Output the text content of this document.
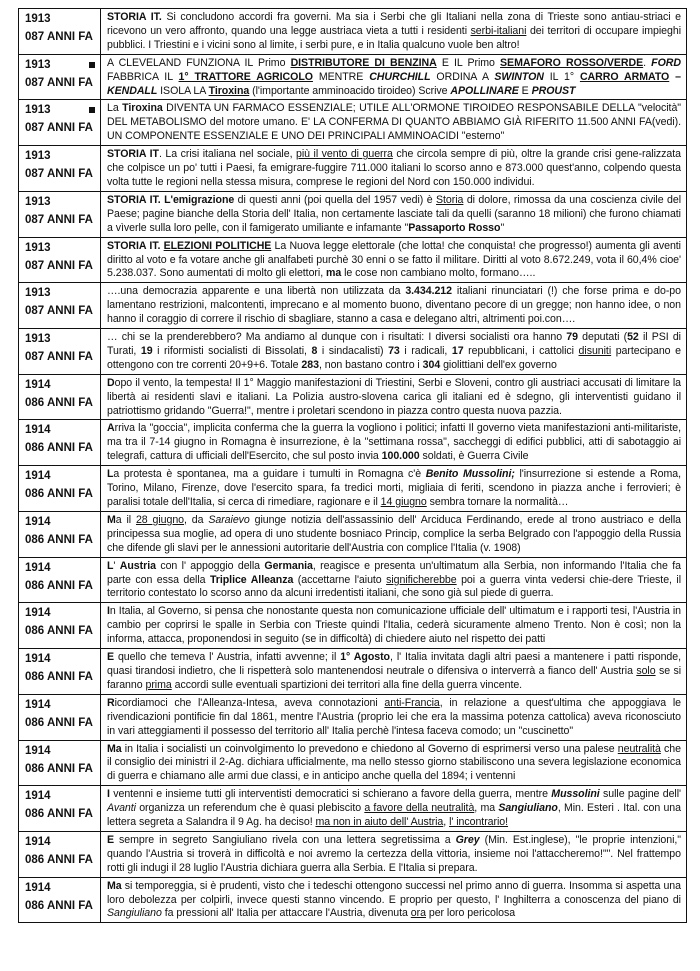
1913
087 ANNI FA
STORIA IT. Si concludono accordi fra governi. Ma sia i Serbi che gli Italiani nella zona di Trieste sono antiau-striaci e ricevono un vero affronto, quando una legge austriaca vieta a tutti i residenti serbi-italiani dei territori di occupare impieghi pubblici. I Triestini e i vicini sono al limite, i serbi pure, e in Italia qualcuno vuole ben altro!
1913
087 ANNI FA
A CLEVELAND FUNZIONA IL Primo DISTRIBUTORE DI BENZINA E IL Primo SEMAFORO ROSSO/VERDE. FORD FABBRICA IL 1° TRATTORE AGRICOLO MENTRE CHURCHILL ORDINA A SWINTON IL 1° CARRO ARMATO –KENDALL ISOLA LA Tiroxina (l'importante amminoacido tiroideo) Scrive APOLLINARE E PROUST
1913
087 ANNI FA
La Tiroxina DIVENTA UN FARMACO ESSENZIALE; UTILE ALL'ORMONE TIROIDEO RESPONSABILE DELLA "velocità" DEL METABOLISMO del motore umano. E' LA CONFERMA DI QUANTO ABBIAMO GIÀ RIFERITO 11.500 ANNI FA(vedi). UN COMPONENTE ESSENZIALE E UNO DEI PRINCIPALI AMMINOACIDI "esterno"
1913
087 ANNI FA
STORIA IT. La crisi italiana nel sociale, più il vento di guerra che circola sempre di più, oltre la grande crisi gene-ralizzata che colpisce un po' tutti i Paesi, fa emigrare-fuggire 711.000 italiani lo scorso anno e 873.000 quest'anno, colpendo questa volta tutte le regioni nella stessa misura, comprese le regioni del Nord con 150.000 individui.
1913
087 ANNI FA
STORIA IT. L'emigrazione di questi anni (poi quella del 1957 vedi) è Storia di dolore, rimossa da una coscienza civile del Paese; pagine bianche della Storia dell' Italia, non certamente lasciate tali da quelli (saranno 18 milioni) che furono chiamati a vìverle sulla loro pelle, con il famigerato umiliante e infamante "Passaporto Rosso"
1913
087 ANNI FA
STORIA IT. ELEZIONI POLITICHE La Nuova legge elettorale (che lotta! che conquista! che progresso!) aumenta gli aventi diritto al voto e fa votare anche gli analfabeti purchè 30 enni o se fatto il militare. Diritti al voto 8.672.249, vota il 60,4% cioe' 5.238.037. Sono aumentati di molto gli elettori, ma le cose non cambiano molto, formano…..
1913
087 ANNI FA
….una democrazia apparente e una libertà non utilizzata da 3.434.212 italiani rinunciatari (!) che forse prima e do-po lamentano restrizioni, malcontenti, imprecano e al momento buono, diventano pecore di un gregge; non hanno idee, o non hanno il coraggio di correre il rischio di sbagliare, stanno a casa e delegano altri, altrimenti poi.con….
1913
087 ANNI FA
… chi se la prenderebbero? Ma andiamo al dunque con i risultati: I diversi socialisti ora hanno 79 deputati (52 il PSI di Turati, 19 i riformisti socialisti di Bissolati, 8 i sindacalisti) 73 i radicali, 17 repubblicani, i cattolici disuniti partecipano e ottengono con tre correnti 20+9+6. Totale 283, non bastano contro i 304 giolittiani dell'ex governo
1914
086 ANNI FA
Dopo il vento, la tempesta! Il 1° Maggio manifestazioni di Triestini, Serbi e Sloveni, contro gli austriaci accusati di limitare la libertà ai residenti slavi e italiani. La Polizia austro-slovena carica gli italiani ed è sdegno, gli interventisti guidano il patriottismo gridando "Guerra!", mentre i proletari scendono in piazza contro questa nuova pazzia.
1914
086 ANNI FA
Arriva la "goccia", implicita conferma che la guerra la vogliono i politici; infatti Il governo vieta manifestazioni anti-militariste, ma tra il 7-14 giugno in Romagna è insurrezione, è la "settimana rossa", saccheggi di edifici pubblici, atti di sabotaggio ai telegrafi, cattura di ufficiali dell'Esercito, che sul posto invia 100.000 soldati, è Guerra Civile
1914
086 ANNI FA
La protesta è spontanea, ma a guidare i tumulti in Romagna c'è Benito Mussolini; l'insurrezione si estende a Roma, Torino, Milano, Firenze, dove l'esercito spara, fa tredici morti, migliaia di feriti, scendono in piazza anche i ferrovieri; è paralisi totale dell'Italia, si cerca di rimediare, ragionare e il 14 giugno sembra tornare la normalità…
1914
086 ANNI FA
Ma il 28 giugno, da Saraievo giunge notizia dell'assassinio dell' Arciduca Ferdinando, erede al trono austriaco e della principessa sua moglie, ad opera di uno studente bosniaco Princip, complice la serba Belgrado con l'appoggio della Russia che difende gli slavi per le annessioni autoritarie dell'Austria con complice l'Italia (v. 1908)
1914
086 ANNI FA
L' Austria con l' appoggio della Germania, reagisce e presenta un'ultimatum alla Serbia, non informando l'Italia che fa parte con essa della Triplice Alleanza (accettarne l'aiuto significherebbe poi a guerra vinta vedersi chie-dere Trieste, il territorio contestato lo scorso anno da alcuni irredentisti italiani, che sono già sul piede di guerra.
1914
086 ANNI FA
In Italia, al Governo, si pensa che nonostante questa non comunicazione ufficiale dell' ultimatum e i rapporti tesi, l'Austria in cambio per coprirsi le spalle in Serbia con Trieste quindi l'Italia, cederà sicuramente almeno Trento. Non è così; non la informa, attacca, proponendosi in seguito (se in difficoltà) di chiedere aiuto nel rispetto dei patti
1914
086 ANNI FA
E quello che temeva l' Austria, infatti avvenne; il 1° Agosto, l' Italia invitata dagli altri paesi a mantenere i patti risponde, quasi tirandosi indietro, che li rispetterà solo mantenendosi neutrale o difensiva o interverrà a fianco dell' Austria solo se si faranno prima accordi sulle eventuali spartizioni dei territori alla fine della guerra vincente.
1914
086 ANNI FA
Ricordiamoci che l'Alleanza-Intesa, aveva connotazioni anti-Francia, in relazione a quest'ultima che appoggiava le rivendicazioni pontificie fin dal 1861, mentre l'Austria (proprio lei che era la massima potenza cattolica) aveva riconosciuto in vari atteggiamenti il possesso del territorio all' Italia perchè l'intesa faceva comodo; un "cuscinetto"
1914
086 ANNI FA
Ma in Italia i socialisti un coinvolgimento lo prevedono e chiedono al Governo di esprimersi verso una palese neutralità che il consiglio dei ministri il 2-Ag. dichiara ufficialmente, ma nello stesso giorno stabiliscono una severa legislazione economica di guerra e chiamano alle armi due classi, e in anticipo anche quella del 1894; i ventenni
1914
086 ANNI FA
I ventenni e insieme tutti gli interventisti democratici si schierano a favore della guerra, mentre Mussolini sulle pagine dell' Avanti organizza un referendum che è quasi plebiscito a favore della neutralità, ma Sangiuliano, Min. Esteri . Ital. con una lettera segreta a Salandra il 9 Ag. ha deciso! ma non in aiuto dell' Austria, l' incontrario!
1914
086 ANNI FA
E sempre in segreto Sangiuliano rivela con una lettera segretissima a Grey (Min. Est.inglese), "le proprie intenzioni," quando l'Austria si troverà in difficoltà e noi avremo la certezza della vittoria, insieme noi l'attaccheremo!"". Nel frattempo rotti gli indugi il 28 luglio l'Austria dichiara guerra alla Serbia. E l'Italia si prepara.
1914
086 ANNI FA
Ma si temporeggia, si è prudenti, visto che i tedeschi ottengono successi nel primo anno di guerra. Insomma si aspetta una loro debolezza per colpirli, invece questi stanno vincendo. E proprio per questo, l' Inghilterra a conoscenza del piano di Sangiuliano fa pressioni all' Italia per attaccare l'Austria, divenuta ora per loro pericolosa
